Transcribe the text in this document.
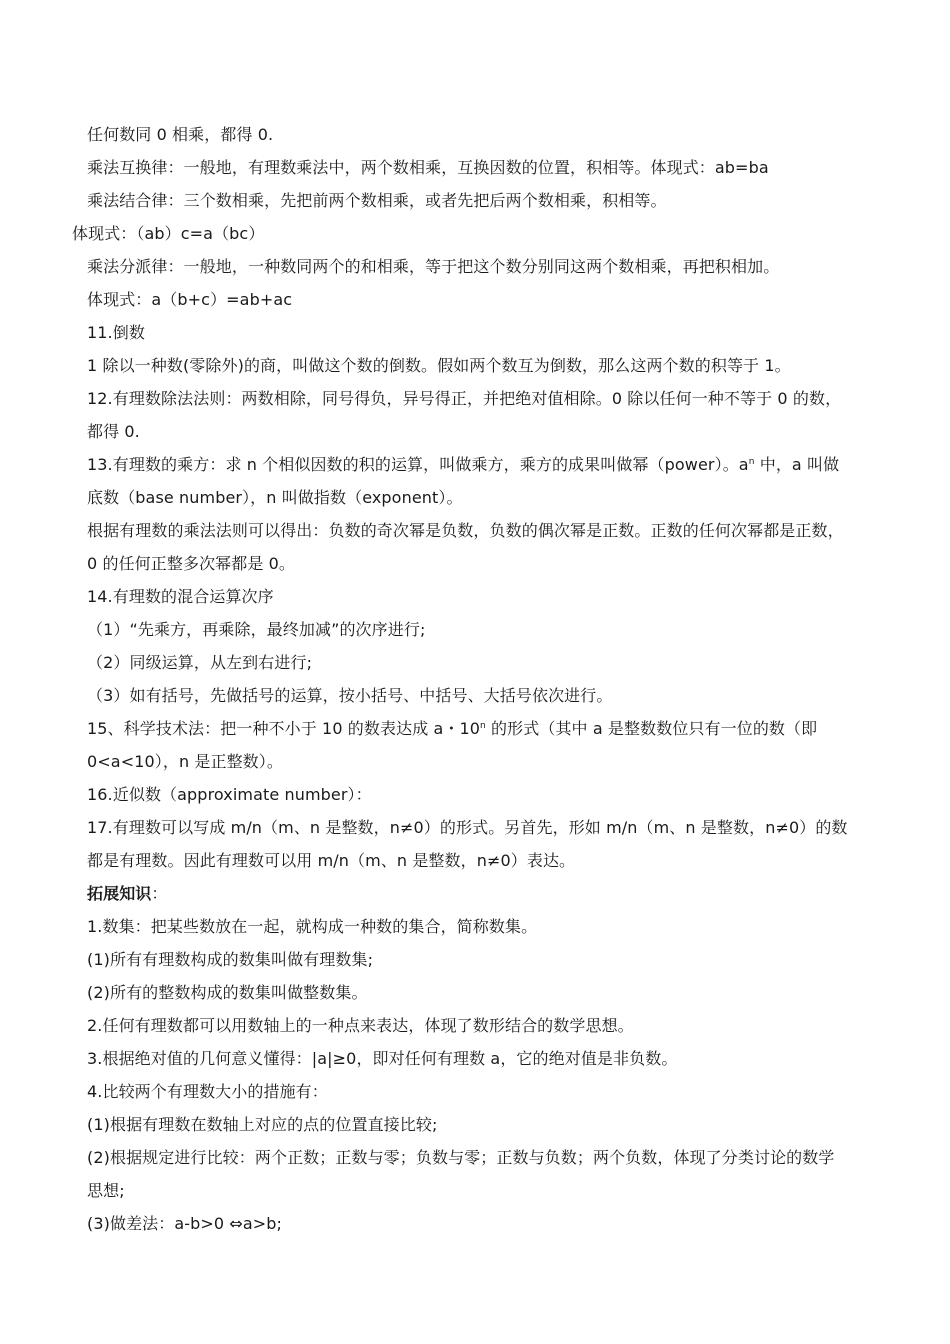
任何数同 0 相乘，都得 0.
乘法互换律：一般地，有理数乘法中，两个数相乘，互换因数的位置，积相等。体现式：ab=ba
乘法结合律：三个数相乘，先把前两个数相乘，或者先把后两个数相乘，积相等。
体现式：（ab）c=a（bc）
乘法分派律：一般地，一种数同两个的和相乘，等于把这个数分别同这两个数相乘，再把积相加。
体现式：a（b+c）=ab+ac
11.倒数
1 除以一种数(零除外)的商，叫做这个数的倒数。假如两个数互为倒数，那么这两个数的积等于 1。
12.有理数除法法则：两数相除，同号得负，异号得正，并把绝对值相除。0 除以任何一种不等于 0 的数，
都得 0.
13.有理数的乘方：求 n 个相似因数的积的运算，叫做乘方，乘方的成果叫做幂（power）。$a^n$ 中，a 叫做
底数（base number），n 叫做指数（exponent）。
根据有理数的乘法法则可以得出：负数的奇次幂是负数，负数的偶次幂是正数。正数的任何次幂都是正数，
0 的任何正整多次幂都是 0。
14.有理数的混合运算次序
（1）“先乘方，再乘除，最终加减”的次序进行;
（2）同级运算，从左到右进行;
（3）如有括号，先做括号的运算，按小括号、中括号、大括号依次进行。
15、科学技术法：把一种不小于 10 的数表达成 a・10$^n$ 的形式（其中 a 是整数数位只有一位的数（即
0<a<10），n 是正整数）。
16.近似数（approximate number）：
17.有理数可以写成 m/n（m、n 是整数，n≠0）的形式。另首先，形如 m/n（m、n 是整数，n≠0）的数
都是有理数。因此有理数可以用 m/n（m、n 是整数，n≠0）表达。
拓展知识：
1.数集：把某些数放在一起，就构成一种数的集合，简称数集。
(1)所有有理数构成的数集叫做有理数集;
(2)所有的整数构成的数集叫做整数集。
2.任何有理数都可以用数轴上的一种点来表达，体现了数形结合的数学思想。
3.根据绝对值的几何意义懂得：|a|≥0，即对任何有理数 a，它的绝对值是非负数。
4.比较两个有理数大小的措施有：
(1)根据有理数在数轴上对应的点的位置直接比较;
(2)根据规定进行比较：两个正数；正数与零；负数与零；正数与负数；两个负数，体现了分类讨论的数学
思想;
(3)做差法：a-b>0 ⇔a>b;
